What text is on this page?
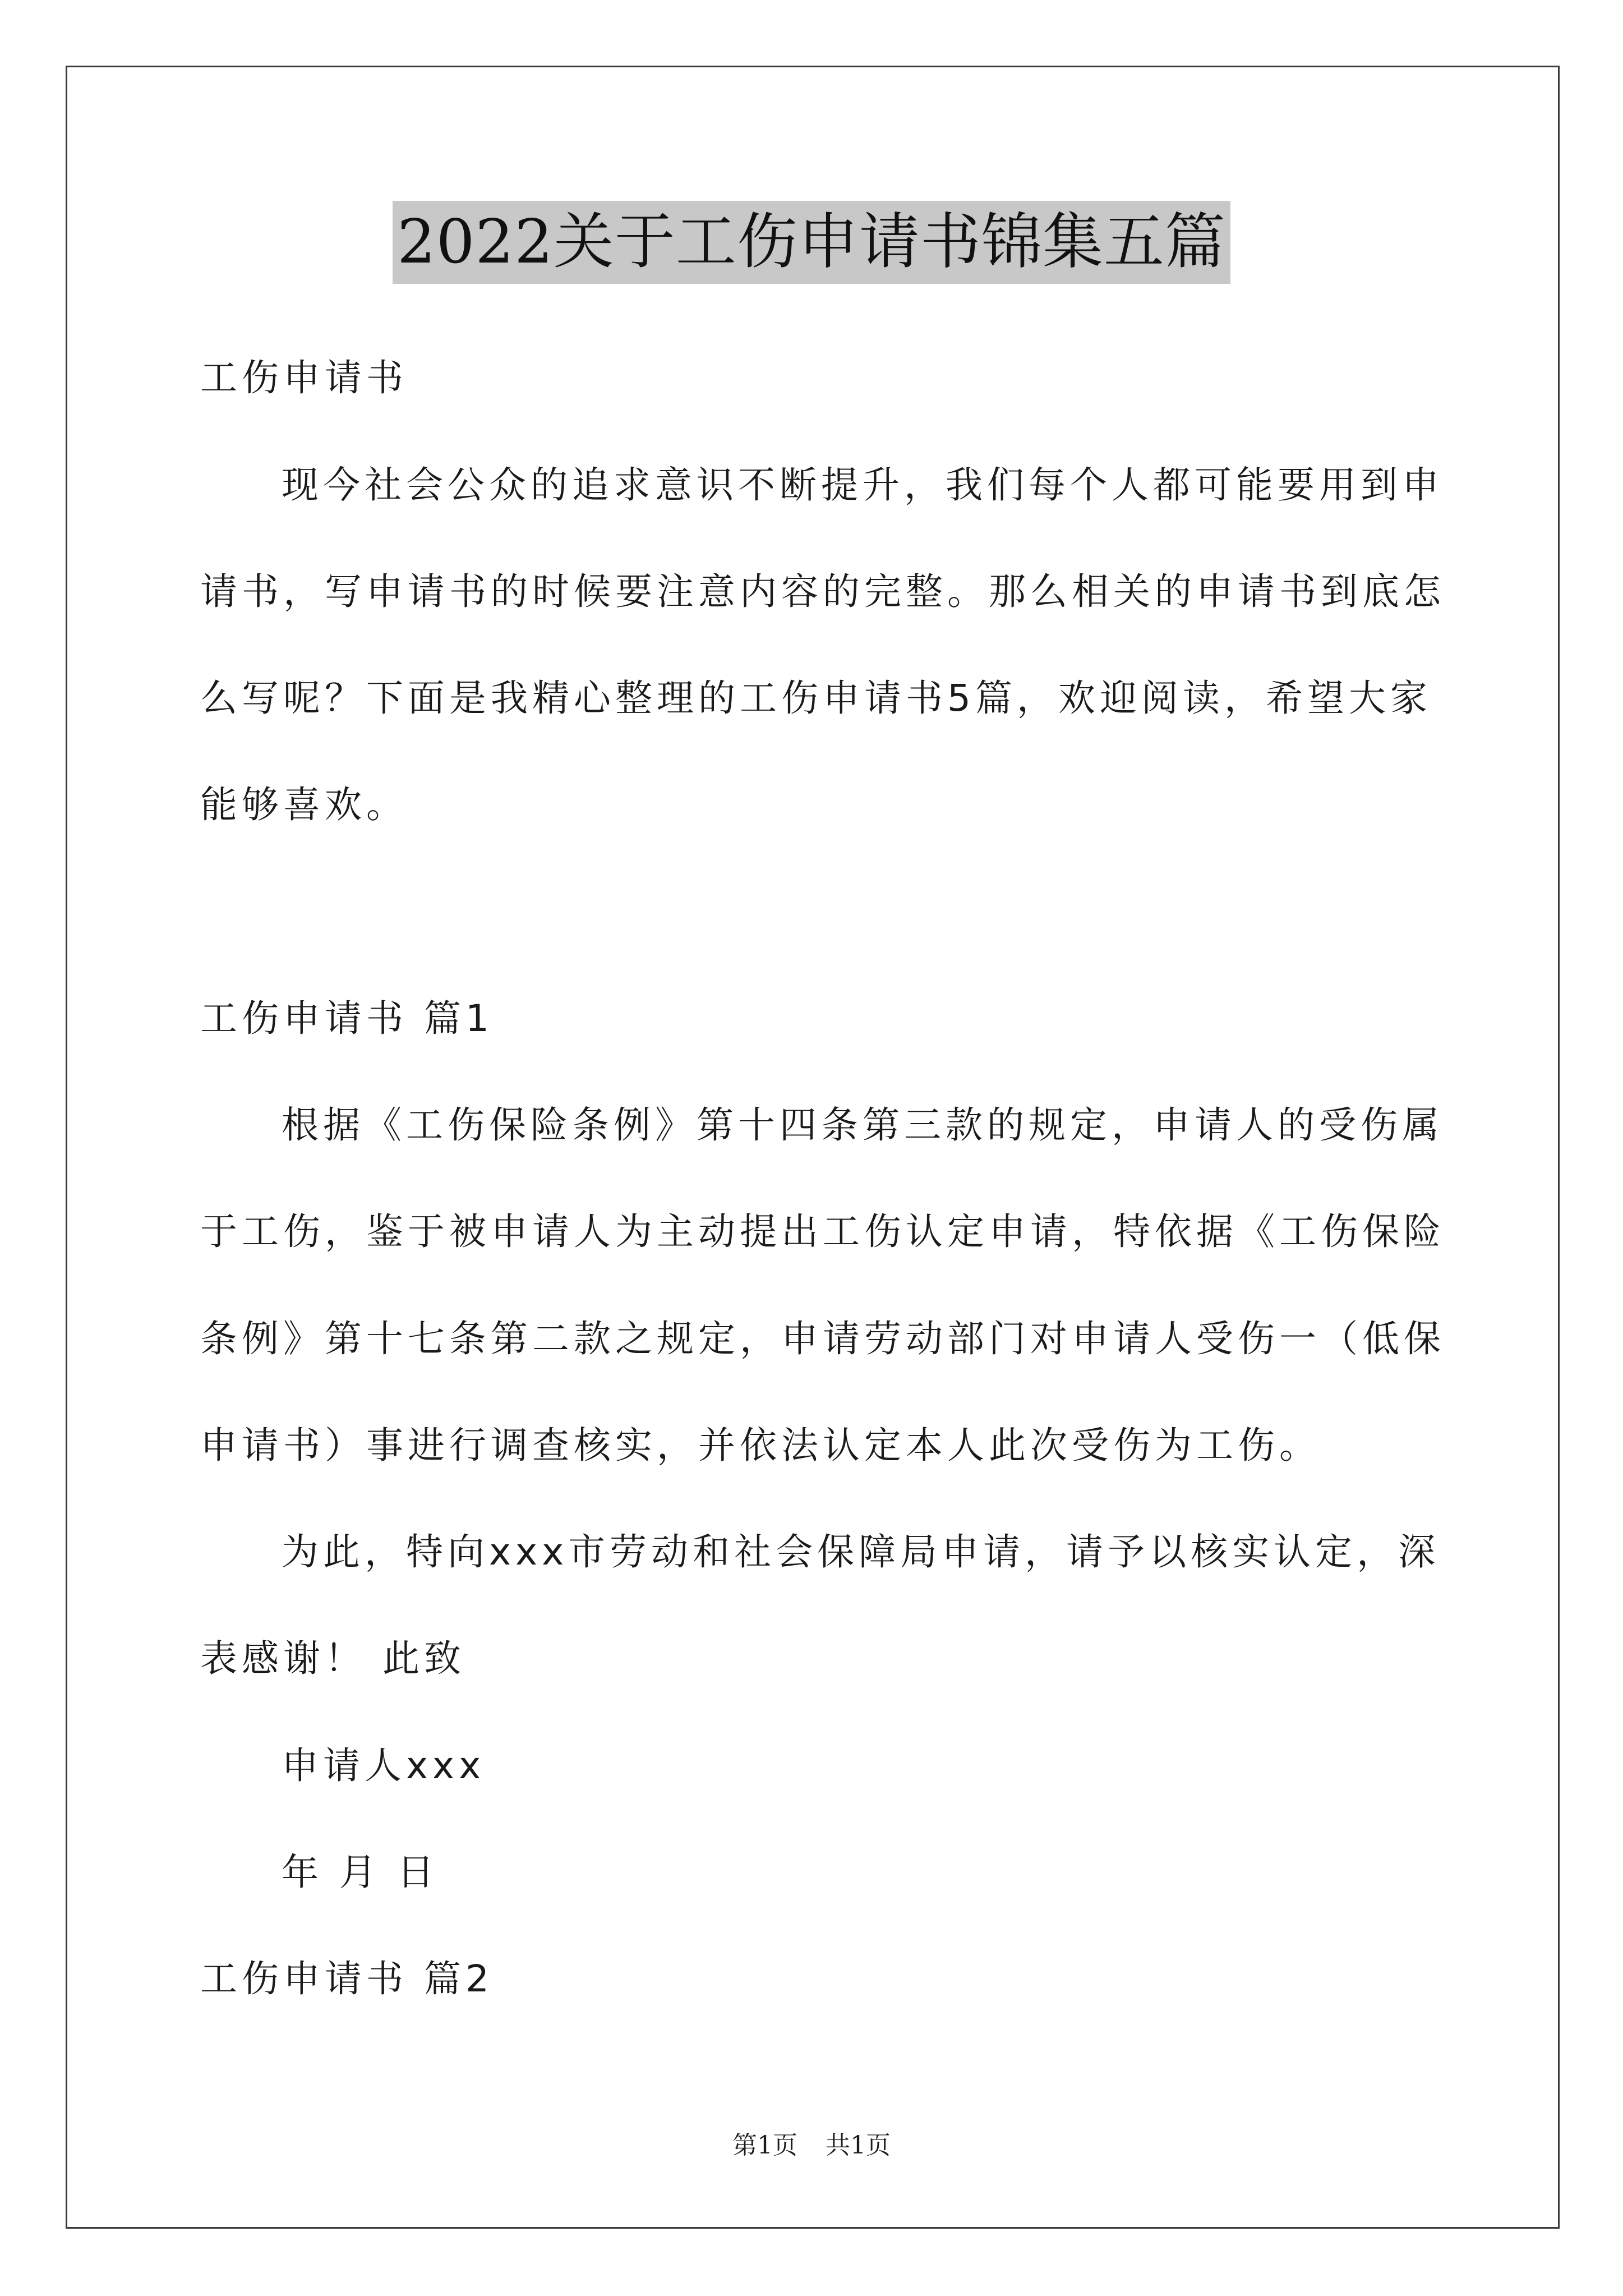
2022关于工伤申请书锦集五篇
工伤申请书
现今社会公众的追求意识不断提升，我们每个人都可能要用到申
请书，写申请书的时候要注意内容的完整。那么相关的申请书到底怎
么写呢？下面是我精心整理的工伤申请书5篇，欢迎阅读，希望大家
能够喜欢。
工伤申请书 篇1
根据《工伤保险条例》第十四条第三款的规定，申请人的受伤属
于工伤，鉴于被申请人为主动提出工伤认定申请，特依据《工伤保险
条例》第十七条第二款之规定，申请劳动部门对申请人受伤一（低保
申请书）事进行调查核实，并依法认定本人此次受伤为工伤。
为此，特向xxx市劳动和社会保障局申请，请予以核实认定，深
表感谢！ 此致
申请人xxx
年 月 日
工伤申请书 篇2
第1页 共1页
